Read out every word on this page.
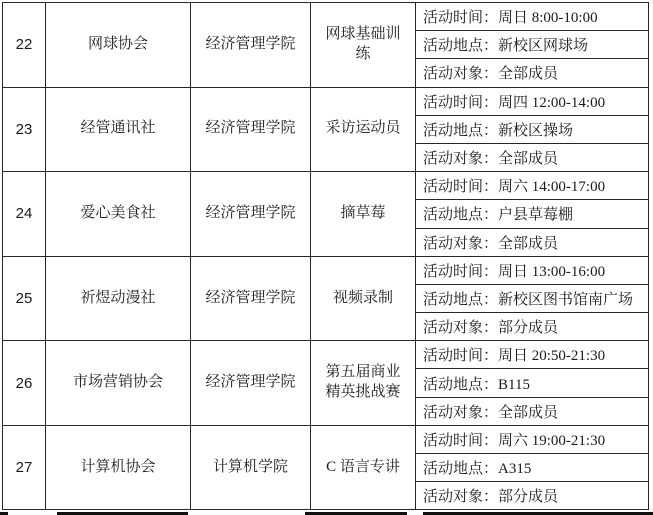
22	网球协会	经济管理学院	网球基础训练	活动时间：周日 8:00-10:00
				活动地点：新校区网球场
				活动对象：全部成员
23	经管通讯社	经济管理学院	采访运动员	活动时间：周四 12:00-14:00
				活动地点：新校区操场
				活动对象：全部成员
24	爱心美食社	经济管理学院	摘草莓	活动时间：周六 14:00-17:00
				活动地点：户县草莓棚
				活动对象：全部成员
25	祈煜动漫社	经济管理学院	视频录制	活动时间：周日 13:00-16:00
				活动地点：新校区图书馆南广场
				活动对象：部分成员
26	市场营销协会	经济管理学院	第五届商业精英挑战赛	活动时间：周日 20:50-21:30
				活动地点：B115
				活动对象：全部成员
27	计算机协会	计算机学院	C 语言专讲	活动时间：周六 19:00-21:30
				活动地点：A315
				活动对象：部分成员
